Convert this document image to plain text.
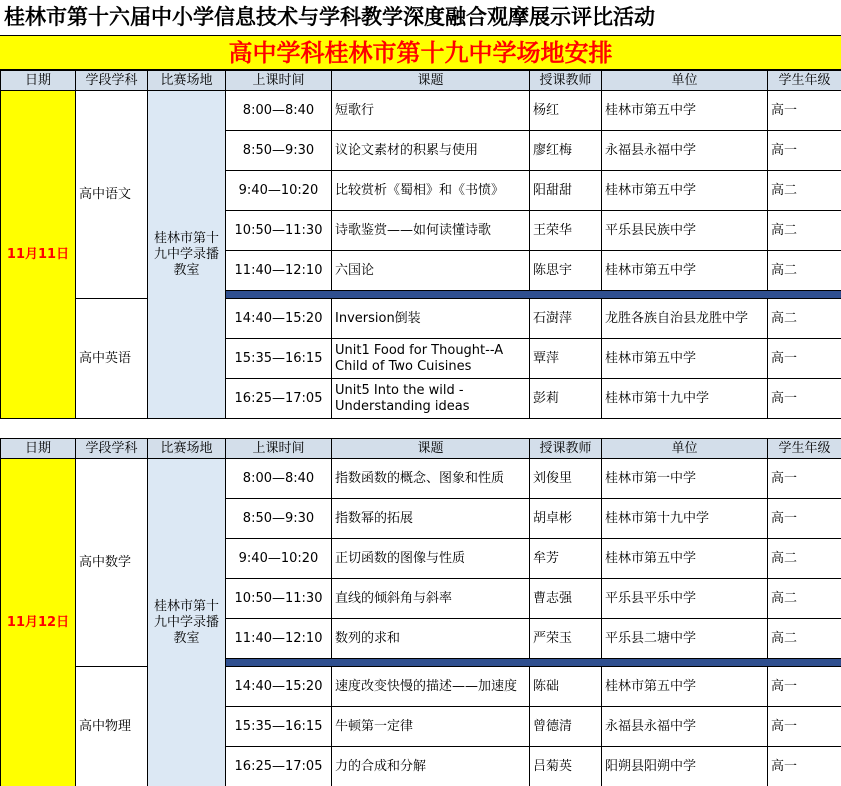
桂林市第十六届中小学信息技术与学科教学深度融合观摩展示评比活动
高中学科桂林市第十九中学场地安排
日期	学段学科	比赛场地	上课时间	课题	授课教师	单位	学生年级
11月11日	高中语文	桂林市第十九中学录播教室	8:00—8:40	短歌行	杨红	桂林市第五中学	高一
			8:50—9:30	议论文素材的积累与使用	廖红梅	永福县永福中学	高一
			9:40—10:20	比较赏析《蜀相》和《书愤》	阳甜甜	桂林市第五中学	高二
			10:50—11:30	诗歌鉴赏——如何读懂诗歌	王荣华	平乐县民族中学	高二
			11:40—12:10	六国论	陈思宇	桂林市第五中学	高二

	高中英语		14:40—15:20	Inversion倒装	石澍萍	龙胜各族自治县龙胜中学	高二
			15:35—16:15	Unit1 Food for Thought--A Child of Two Cuisines	覃萍	桂林市第五中学	高一
			16:25—17:05	Unit5 Into the wild -Understanding ideas	彭莉	桂林市第十九中学	高一
日期	学段学科	比赛场地	上课时间	课题	授课教师	单位	学生年级
11月12日	高中数学	桂林市第十九中学录播教室	8:00—8:40	指数函数的概念、图象和性质	刘俊里	桂林市第一中学	高一
			8:50—9:30	指数幂的拓展	胡卓彬	桂林市第十九中学	高一
			9:40—10:20	正切函数的图像与性质	牟芳	桂林市第五中学	高二
			10:50—11:30	直线的倾斜角与斜率	曹志强	平乐县平乐中学	高二
			11:40—12:10	数列的求和	严荣玉	平乐县二塘中学	高二

	高中物理		14:40—15:20	速度改变快慢的描述——加速度	陈础	桂林市第五中学	高一
			15:35—16:15	牛顿第一定律	曾德清	永福县永福中学	高一
			16:25—17:05	力的合成和分解	吕菊英	阳朔县阳朔中学	高一
